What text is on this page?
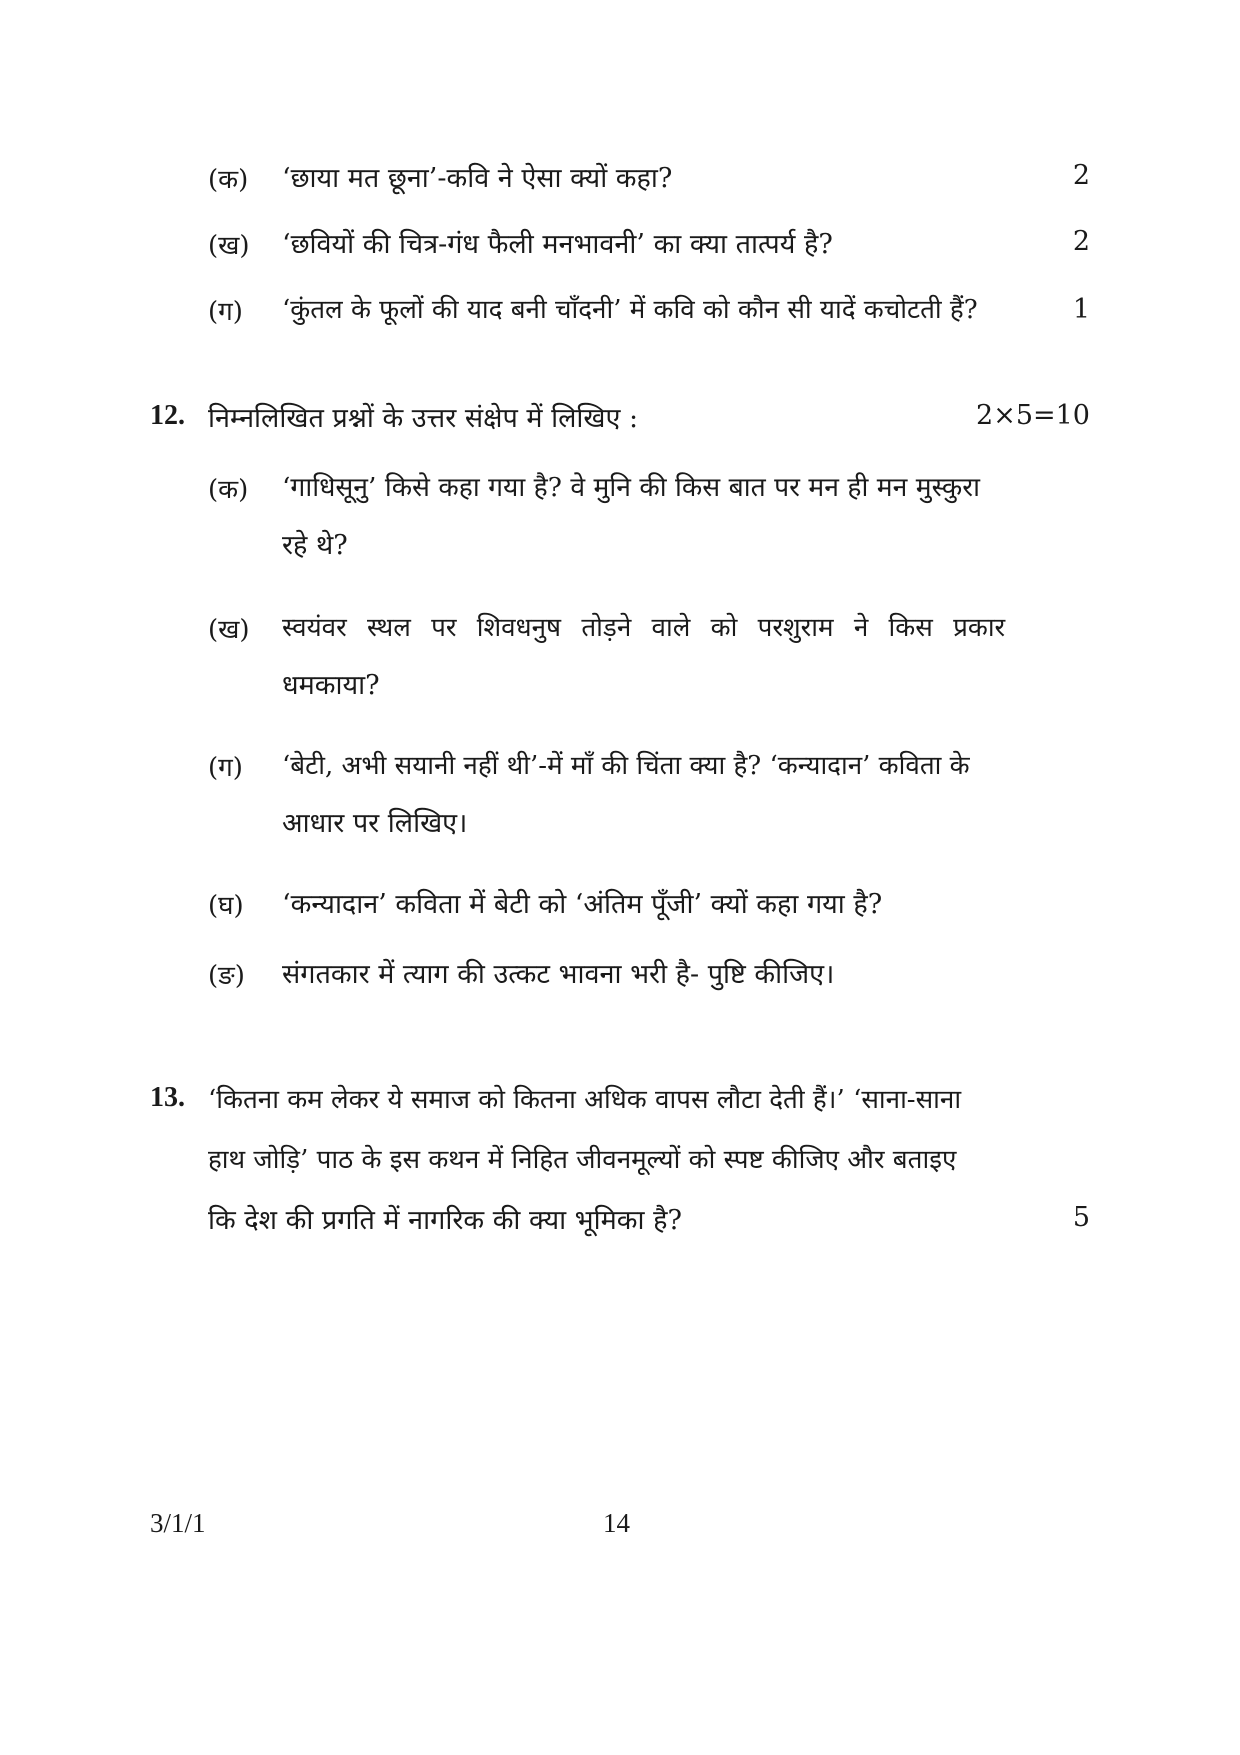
(क) ‘छाया मत छूना’-कवि ने ऐसा क्यों कहा?	2
(ख) ‘छवियों की चित्र-गंध फैली मनभावनी’ का क्या तात्पर्य है?	2
(ग) ‘कुंतल के फूलों की याद बनी चाँदनी’ में कवि को कौन सी यादें कचोटती हैं?	1
12. निम्नलिखित प्रश्नों के उत्तर संक्षेप में लिखिए :	2×5=10
(क) ‘गाधिसूनु’ किसे कहा गया है? वे मुनि की किस बात पर मन ही मन मुस्कुरा
रहे थे?
(ख) स्वयंवर स्थल पर शिवधनुष तोड़ने वाले को परशुराम ने किस प्रकार
धमकाया?
(ग) ‘बेटी, अभी सयानी नहीं थी’-में माँ की चिंता क्या है? ‘कन्यादान’ कविता के
आधार पर लिखिए।
(घ) ‘कन्यादान’ कविता में बेटी को ‘अंतिम पूँजी’ क्यों कहा गया है?
(ङ) संगतकार में त्याग की उत्कट भावना भरी है- पुष्टि कीजिए।
13. ‘कितना कम लेकर ये समाज को कितना अधिक वापस लौटा देती हैं।’ ‘साना-साना
हाथ जोड़ि’ पाठ के इस कथन में निहित जीवनमूल्यों को स्पष्ट कीजिए और बताइए
कि देश की प्रगति में नागरिक की क्या भूमिका है?	5
3/1/1	14
